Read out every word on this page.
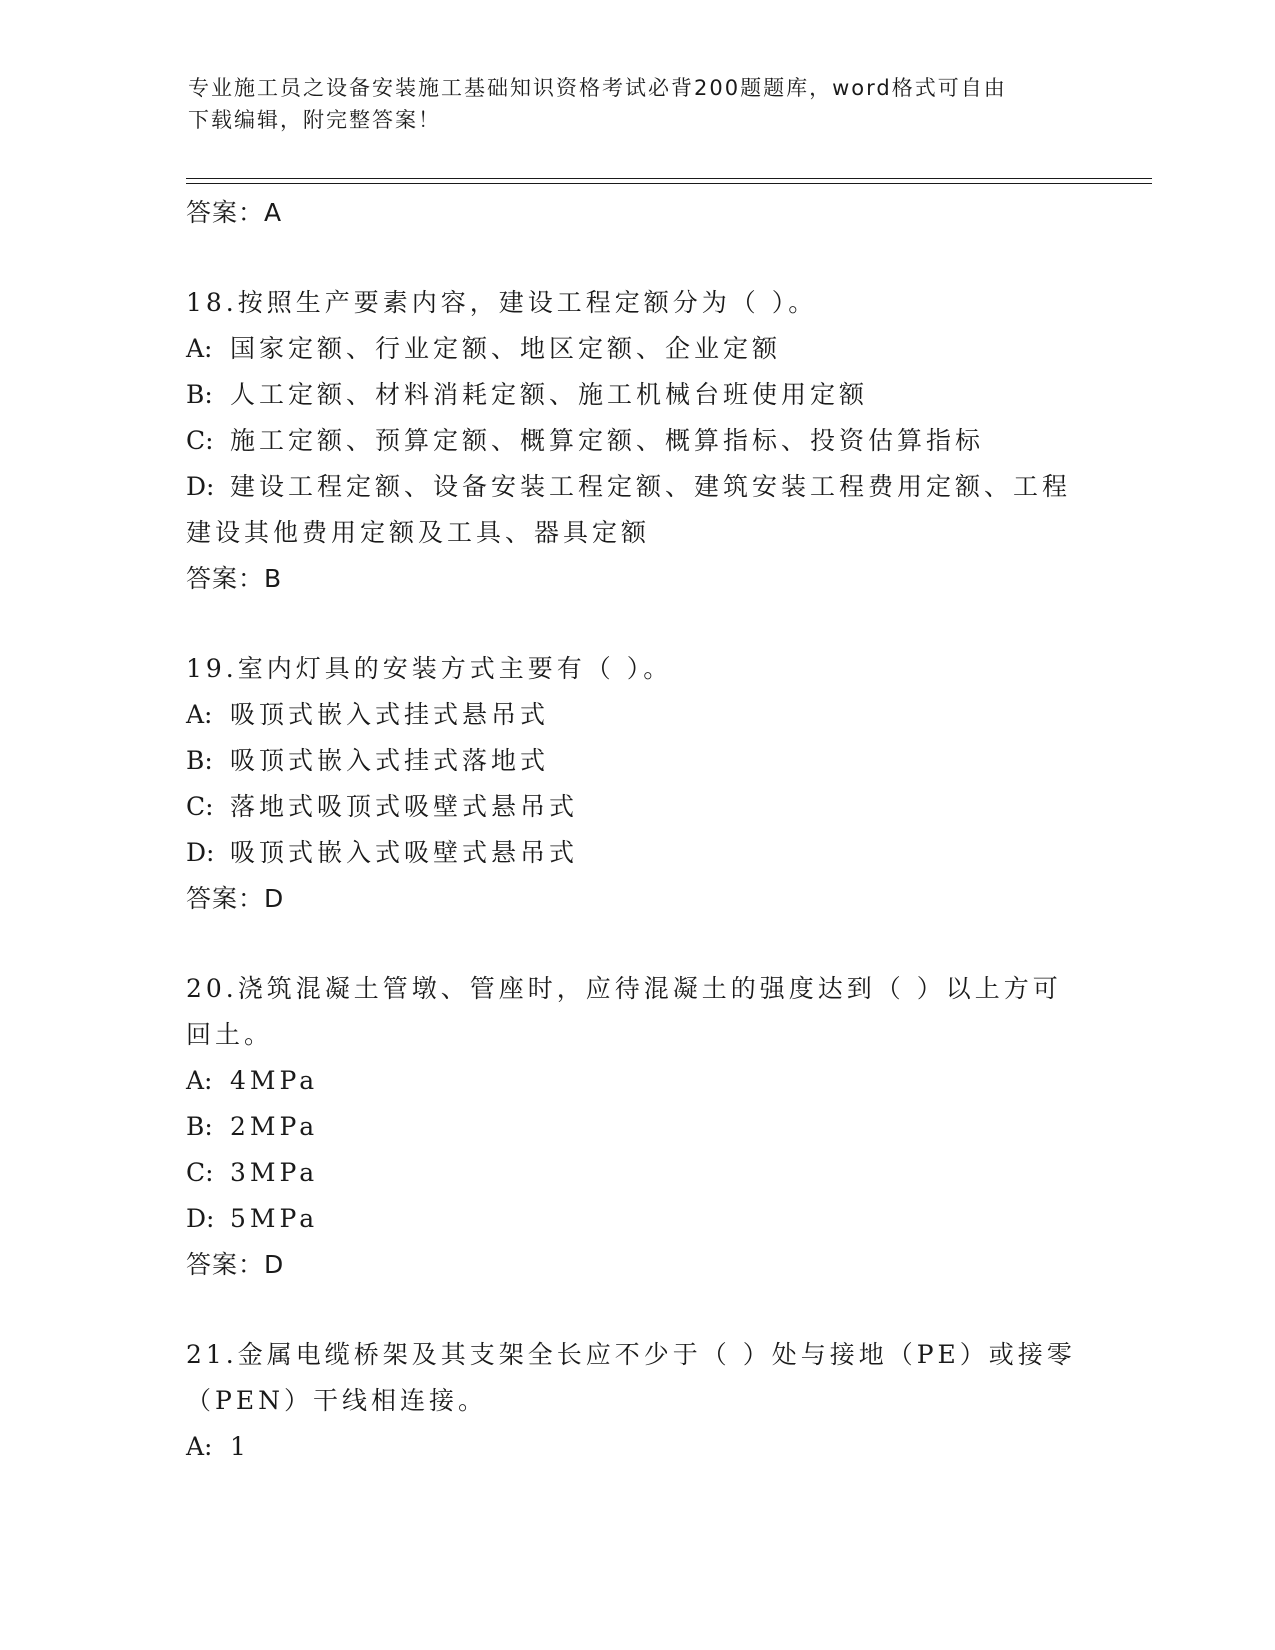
专业施工员之设备安装施工基础知识资格考试必背200题题库，word格式可自由
下载编辑，附完整答案！
答案：A
18.按照生产要素内容，建设工程定额分为（ ）。
A: 国家定额、行业定额、地区定额、企业定额
B: 人工定额、材料消耗定额、施工机械台班使用定额
C: 施工定额、预算定额、概算定额、概算指标、投资估算指标
D: 建设工程定额、设备安装工程定额、建筑安装工程费用定额、工程
建设其他费用定额及工具、器具定额
答案：B
19.室内灯具的安装方式主要有（ ）。
A: 吸顶式嵌入式挂式悬吊式
B: 吸顶式嵌入式挂式落地式
C: 落地式吸顶式吸壁式悬吊式
D: 吸顶式嵌入式吸壁式悬吊式
答案：D
20.浇筑混凝土管墩、管座时，应待混凝土的强度达到（ ）以上方可
回土。
A: 4MPa
B: 2MPa
C: 3MPa
D: 5MPa
答案：D
21.金属电缆桥架及其支架全长应不少于（ ）处与接地（PE）或接零
（PEN）干线相连接。
A: 1
